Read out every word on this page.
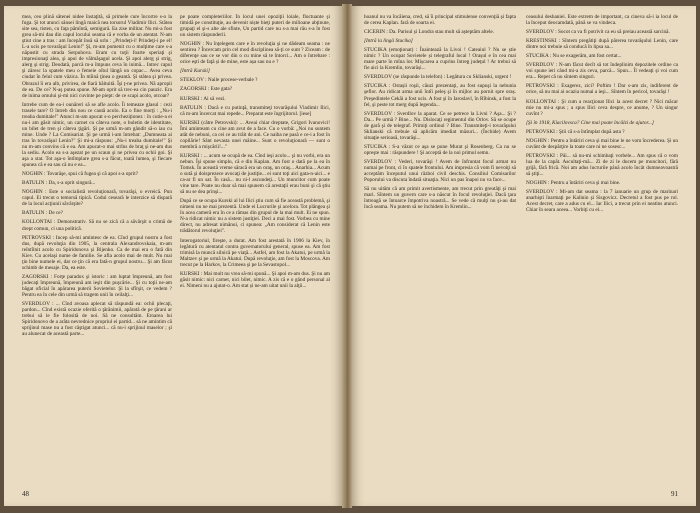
mea, ceo plină sătenei nidee înstaţită, să primele cure încortre s-o la fuga. Şi tot atunci sânsei lingă maică nea torsorul Vladimir Ilici. Stătea site sea, tisten, cu faţa pămîntă, semigură. Ea zise militar. Nu mi-a fost grea să-mi dau din capul locului seama că e vorba de un atentat. N-am ştiut cine a tras : am începăt însă să urlu : „Prindeţi-i! Prindeţi-i pe el! L-a ucis pe tovarăşul Lenin!" Şi, m-am pomenit cu o mulţime care s-a năpustit cu strada Serpuhova. Eram cu toţii foarte speriaţi şi impresionaţi alea, şi apoi de vălmăşagul acela. Şi apoi alerg şi strig, alerg şi strig. Deodată, parcă m-a împuns ceva în inimă... Intrec capul şi zăresc la spatele meu o femeie oîtul lângă un copac... Avea ceva ciudat în felul cum văzica. În mîină ţinea o geantă. Şi stătea şi privea. Obrazul îi era alb, privirea, de fiară hăituită. Îşi ţ-ne privea. Nă apropii de ea. De ce? N-aş putea spune. M-am oprit să trec-ea cin pauzic. Era de inima omului şi-mi nici cuvinte pe piept: de ce scapi acolo, otcoar?

Intrebe cum de ea-i ounăreri să se afle acolo. Îi temeaze glasul : cezi trasele tare? O întreb din nou ce caută acolo. Ea o fine morţi : „Nu-i treaba dumitale!" Atunci m-am apucat s-o percheziţionez : în cutie-a ei nu-i am găsit nimic, un carnet cu câteva note, o buletin de identitate, un bilet de tren şi câteva ţigări. Şi pe urmă m-am gândit să-o iau cu mine. Unde ? La Comisariat. Şi pe urmă i-am întrebat: „Dumneata ai tras în tovarăşul Lenin?" Şi mi-a răspuns: „Nu-i treaba dumitale!" Şi nu m-am convins că e ea. Am apucat-o mai strîns de braţ şi ne-am dus la sediu. Acolo ea s-a aşezat pe un scaun şi ne privea cu ochii goi. Şi aşa a stat. Tot aşa-o întîmplare grea s-a făcut, toată lumea, şi fiecare spunea că e ea sau că nu e ea...

NOGHIN : Tovarăşe, spui că fugea şi că apoi s-a oprit?

BATULIN : Da, s-a oprit singură...

NOGHIN : Este o socialistă revoluţionară, tovarăşi, o evreică. Pun capul. Ei trecut o temorsă tipică. Codul ceseară le interzice să dispară de la locul acţiunii săvârşite?

BATULIN : De ce?

KOLLONTAI : Demonstrativ. Să nu se zică că a săvârşit o crimă de drept comun, ci una politică.

PETROVSKI : Incep să-mi amintesc de ea. Cînd grupul nostru a fost dus, după revoluţia din 1905, la centrala Alexandrovskaia, m-am reîntîlnit acolo cu Spiridonova şi Bijenko. Ca de mai era o fată din Kiev. Cu acelaşi nume de familie. Se afla acolo mai de mult. Nu mai ţin bine numele ei, dar ce ţin că era fată-n grupul nostru... Şi am făcut schimb de mesaje. Da, ea este.

ZAGORSKI : Forţe paradox şi istoric : am luptat împreună, am fost judecaţi împreună, împreună am ieşit din puşcărie... Şi cu toţii ne-am băgat oficial în apărarea puterii Sovietelor. Şi la sfîrşit, ce vedem ? Pentru ea în cele din urmă să tragem unii în ceilalţi...

SVERDLOV : ... Cînd avoasa aplecat să răspundă ea: ochii plecaţi, pardon... Cînd există ocazie oferită o ţărănimii, apărată de pe ţărani ar trebui să le fie folosită de noi. Să ne consultăm. Eroarea lui Spiridonovo de a arăta nevrednice propriul ei partid... să ne amintim că sprijinul mase nu a fost câştigat atunci... că nu-i sprijinul maselor ; şi au alunecat de această parte...

pe poate completeriilor. În locul unei opoziţii loiale, fluctuante şi timidă pe constituţie, au devenit niște bieţi puteri de milioane abţinute, grupaţi el şi-s alte ale sfinte, Un partid care nu s-a mai rău s-a în fost un sistem răspunderii.

NOGHIN : Nu înţelegem care e în revoluţia şi ne dădeam seama : ne sentirea ? Încercam prin cel mod disciplinea să-ţi ce sunt ? Ziceam : de diferenţe sau ce se vor din o cu mine să te întorci... Am o întrebare : orice eşti de faţă și de mine, este așa sau nu e ?

[Intră Kurski]

STEKLOV : Naile procese-verbale ?

ZAGORSKI : Este gata?

KURSKI : Ai să vezi.

BATULIN : Dacă e cu putinţă, transmiteţi tovarăşului Vladimir Ilici, că m-am încercat mai repede... Preparat este îngrijitorul. [iese]

KURSKI (către Petrovski): ... Aveai chiar dreptate, Grigori Ivanovici! Îmi aminteam cu cine am avut de a face. Cu o vorbă: „Noi nu suntem atât de nebuni, ca cei ce au trăit de ani. Ce naiba ne pasă e ce-i a fost în copilărie! Sânt nevasta unei mâine... Sunt o revoluţionară — sunt o membră a mişcării!..."

KURSKI : ... acum se ocupă de ea. Cînd ieşi acolo... şi nu vorbi, era un nebun. Îşi spune simplu, că e din Kaplan. Am fost o dată pe la ea în Tomsk. În această vreme săracă era un oraş, un oraş... Anarhia... Acum o sută şi doisprezece avocaţi de justiţie... ei sunt toţi aici gata-n-aici... e ca-ar fi un sat. În casă... nu ni-l ascundeţi... Un muncitor cum poate vine tare. Poate nu doar să mai spunem că arestaţii erau buni şi că ştiu să nu se dea prinşi...

După ce se ocupa Kurski al lui Ilici ştiu cum să fie această problemă, şi nimeni nu ne mai prezentă. Unde ei Lucrurile şi acelora. Tot plângea şi în acea cameră era în ce a rămas din grupul de la mai mult. Ei ne spun. N-a ridicat nimic nu a sistem justiţiei. Deci a mai fost. Vorbea cu mine direct, nu adresat nimănui, ci spunea: „Am considerat că Lenin este trădătorul revoluţiei".

Interogatoriul, fireşte, a durat. Am fost arestată în 1906 la Kiev, în legătură cu atentatul contra guvernatorului general, spuse ea. Am fost trimisă la muncă silnică pe viaţă... Astfel, am fost la Akatui, pe urmă la Maltzev şi pe urmă la Akatui. După revoluţie, am fost la Moscova. Am trecut pe la Harkov, la Crimeea şi pe la Sevastopol...

KURSKI : Mai mult nu vrea să-mi spună... Şi apoi m-am dus. Şi nu am găsit nimic: nici carnet, nici bilet, nimic. A zis că e o gând personal al ei. Nimeni nu a ajutat-o. Am stat și ne-am uitat unii la alţii...

48

hoanul nu va încăiena, cred, să îi principal stimulense convenţiă şi fapta de cerea Kaplan. fară de soarta ei.

CICERIN : Da. Parisul și Londra stau mult să așteptăm altele.

[Intră la lingă Stucika]

STUCIKA (emoţionat) : Înaintează la Livoi ! Cateaiul ? Nu se știe nimic ? Un ocupat Sovietele și telegraful local ! Orașul e în cea mai mare parte în mîna lor. Mișcarea a cuprins întreg judeţul ! Ar trebui să fie aici la Kremlin, tovarăși...

SVERDLOV (se răspundе la telefon) : Legătura cu Sklianski, urgent !

STUCIKA : Ostașii roşii, căuzi prezentaţi, au fost supuşi la nebunia şeflor. Au ridicat arma unii întîi peleş şi în mijloc au pornit spre oraș. Preşedintele Cekăi a fost ucis. A fost şi în Iaroslavl, în Rîbinsk, a fost la fel, şi peste tot merg după legenda...

SVERDLOV : Sverdlov la aparat. Ce se petrece la Livni ? Aşa... Şi ? Da... Pe urmă ? Bine... Nu. Dislocaţi regimentul din Orlov. Să se ocupe de gară şi de telegraf. Primiţi ordinul ? Bine. Transmiteţi-i tovarăşului Sklianski că trebuie să aplicăm imediat măsuri... (Închide) Avem situaţie serioasă, tovarăşi...

STUCIKA : S-a văzut ce aşa se pune Murat şi Rosenberg. Ca nu se opreşte mai : răspundere ! Şi acceptă de la noi primul semn.

SVERDLOV : Vederi, tovarăşi ! Avem de înfruntat focul armat nu numai pe front, ci în spatele frontului. Am impresia că vom fi nevoiţi să acceptăm începutul unui război civil deschis. Consiliul Comisarilor Poporului va discuta îndată situaţia. Nici un pas înapoi nu va face...

Să nu uităm că am primit avertismente, am trecut prin greutăţi şi mai mari. Sîntem un guvern care s-a născut în focul revoluţiei. Dacă ţara întreagă se întoarce împotriva noastră... Se vede că mulţi nu şi-au dat încă seama. Nu putem să ne închidem în Kremlin...

ceasului deshaniei. Este extrem de important, ca cineva să-i ia locul de la început deocamdată, până se va vindeca.

SVERDLOV : Socot ca va fi potrivit ca eu să preiau această sarcină.

KRESTINSKI : Sîntem pregătiţi după părerea tovarăşului Lenin, care dintre noi trebuie să conducă în lipsa sa...

STUCIKA : Nu se exagerăm, am fost certat...

SVERDLOV : N-am făcut decît să tot îndeplinim depozitele ordine ca voi spune ieri când mi-a zis ceva, parcă... Spun... Îl vedeaţi și voi cum era... Repet că nu sîntem singuri.

PETROVSKI : Exagerez, zici? Poftim ! Dar s-am zis, indiferent de orice, să nu mai ai ocazia numai a ieşi... Sîntem în pericol, tovarăşi !

KOLLONTAI : Şi cum a reacţionat Ilici la acest decret ? Nici măcar mie nu mi-a spus ; a spus Ilici ceva despre, ce anume, ? Un singur cuvînt ?

[Şi în 1918, Kiacilovsca? Cine mai poate încălzi de ajutor...]

PETROVSKI : Ştii că s-a întîmplat după asta ?

NOGHIN : Pentru a întăriri ceva și mai bine le ne vom încrederea. Și un cuvânt de despărţire la toate care ni ne sosesc...

PETROVSKI : Păi... să nu-mi schimbaţi vorbele... Am spus că o vom lua de la capăt. Ascultaţi-mă... Zi de zi le ducem pe muncitori, fără grijă, fără frică. Noi am adus lucrurile până acolo încât dumneavoastră să ştiţi...

NOGHIN : Pentru a întăriri ceva şi mai bine.

SVERDLOV : Mi-am dat seama : la 7 ianuarie un grup de marinari anarhişti înarmaţi pe Kalinin şi Sisgovicz. Decretul a fost pus pe rol. Acest decret, care a adus cu el... Iar Ilici, a trecut prin ei neatins atunci. Chiar în seara aceea... Vorbiţi cu el...

91
